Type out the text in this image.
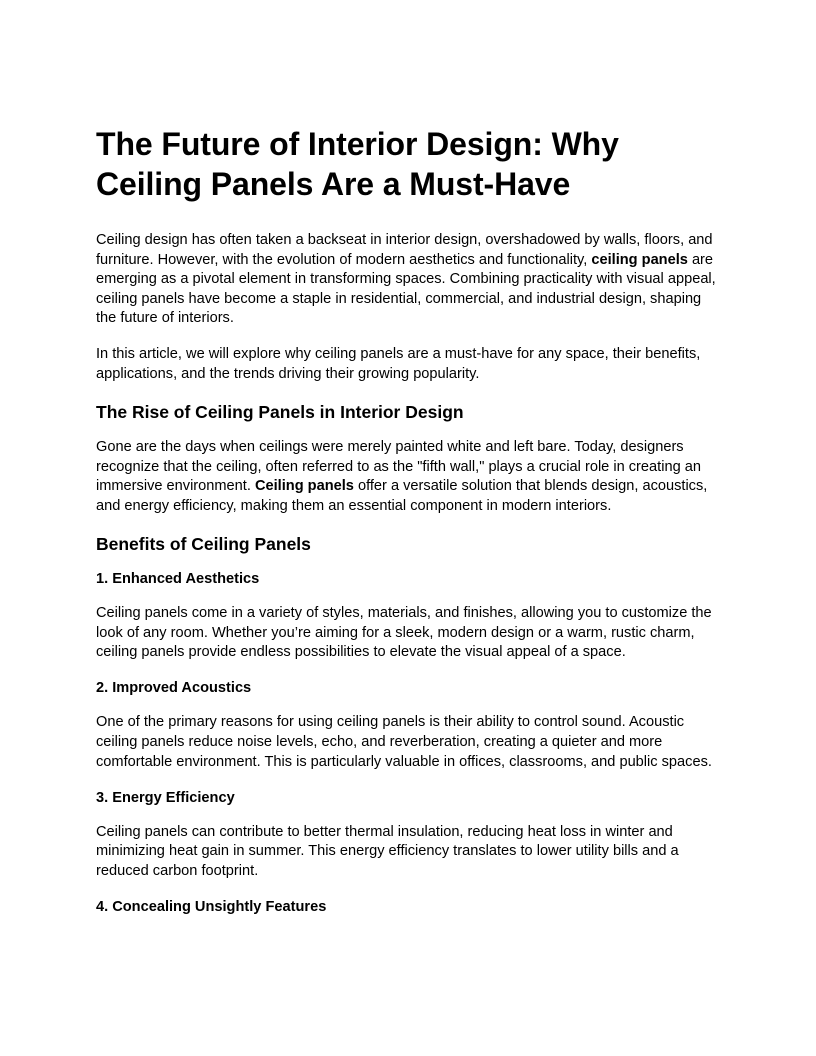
The Future of Interior Design: Why Ceiling Panels Are a Must-Have

Ceiling design has often taken a backseat in interior design, overshadowed by walls, floors, and furniture. However, with the evolution of modern aesthetics and functionality, ceiling panels are emerging as a pivotal element in transforming spaces. Combining practicality with visual appeal, ceiling panels have become a staple in residential, commercial, and industrial design, shaping the future of interiors.

In this article, we will explore why ceiling panels are a must-have for any space, their benefits, applications, and the trends driving their growing popularity.

The Rise of Ceiling Panels in Interior Design

Gone are the days when ceilings were merely painted white and left bare. Today, designers recognize that the ceiling, often referred to as the "fifth wall," plays a crucial role in creating an immersive environment. Ceiling panels offer a versatile solution that blends design, acoustics, and energy efficiency, making them an essential component in modern interiors.

Benefits of Ceiling Panels
1. Enhanced Aesthetics

Ceiling panels come in a variety of styles, materials, and finishes, allowing you to customize the look of any room. Whether you’re aiming for a sleek, modern design or a warm, rustic charm, ceiling panels provide endless possibilities to elevate the visual appeal of a space.

2. Improved Acoustics

One of the primary reasons for using ceiling panels is their ability to control sound. Acoustic ceiling panels reduce noise levels, echo, and reverberation, creating a quieter and more comfortable environment. This is particularly valuable in offices, classrooms, and public spaces.

3. Energy Efficiency

Ceiling panels can contribute to better thermal insulation, reducing heat loss in winter and minimizing heat gain in summer. This energy efficiency translates to lower utility bills and a reduced carbon footprint.

4. Concealing Unsightly Features
